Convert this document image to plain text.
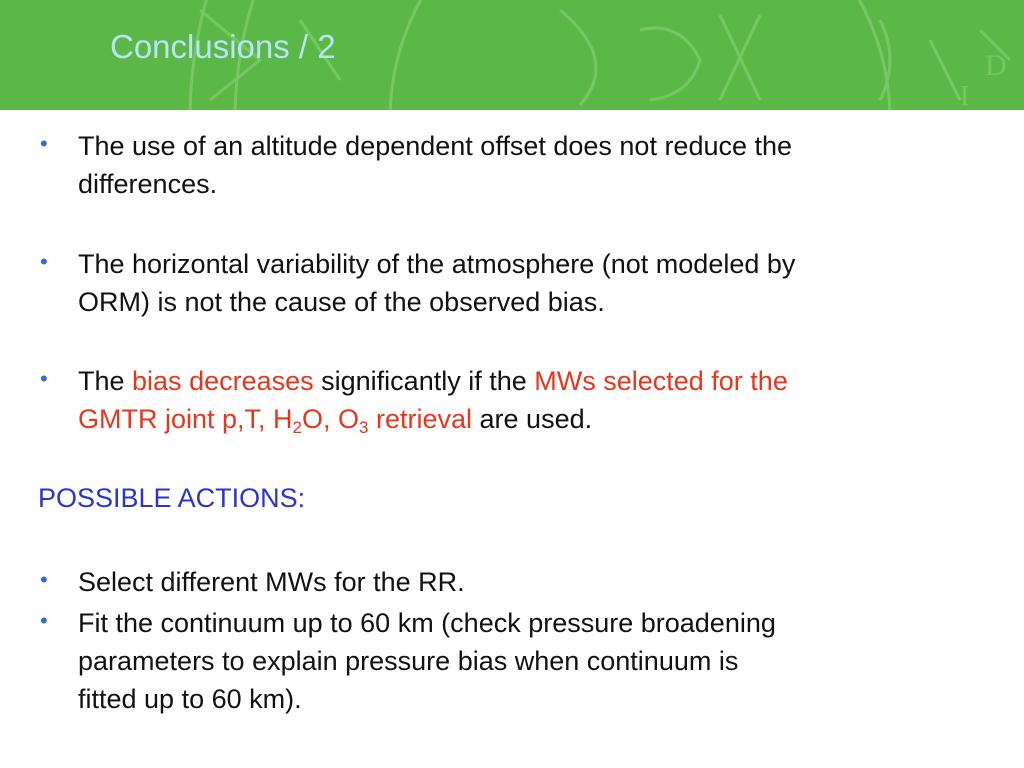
D
I
Conclusions / 2
• The use of an altitude dependent offset does not reduce the
differences.
• The horizontal variability of the atmosphere (not modeled by
ORM) is not the cause of the observed bias.
• The bias decreases significantly if the MWs selected for the
GMTR joint p,T, $H_2O$, $O_3$ retrieval are used.
POSSIBLE ACTIONS:
• Select different MWs for the RR.
• Fit the continuum up to 60 km (check pressure broadening
parameters to explain pressure bias when continuum is
fitted up to 60 km).
